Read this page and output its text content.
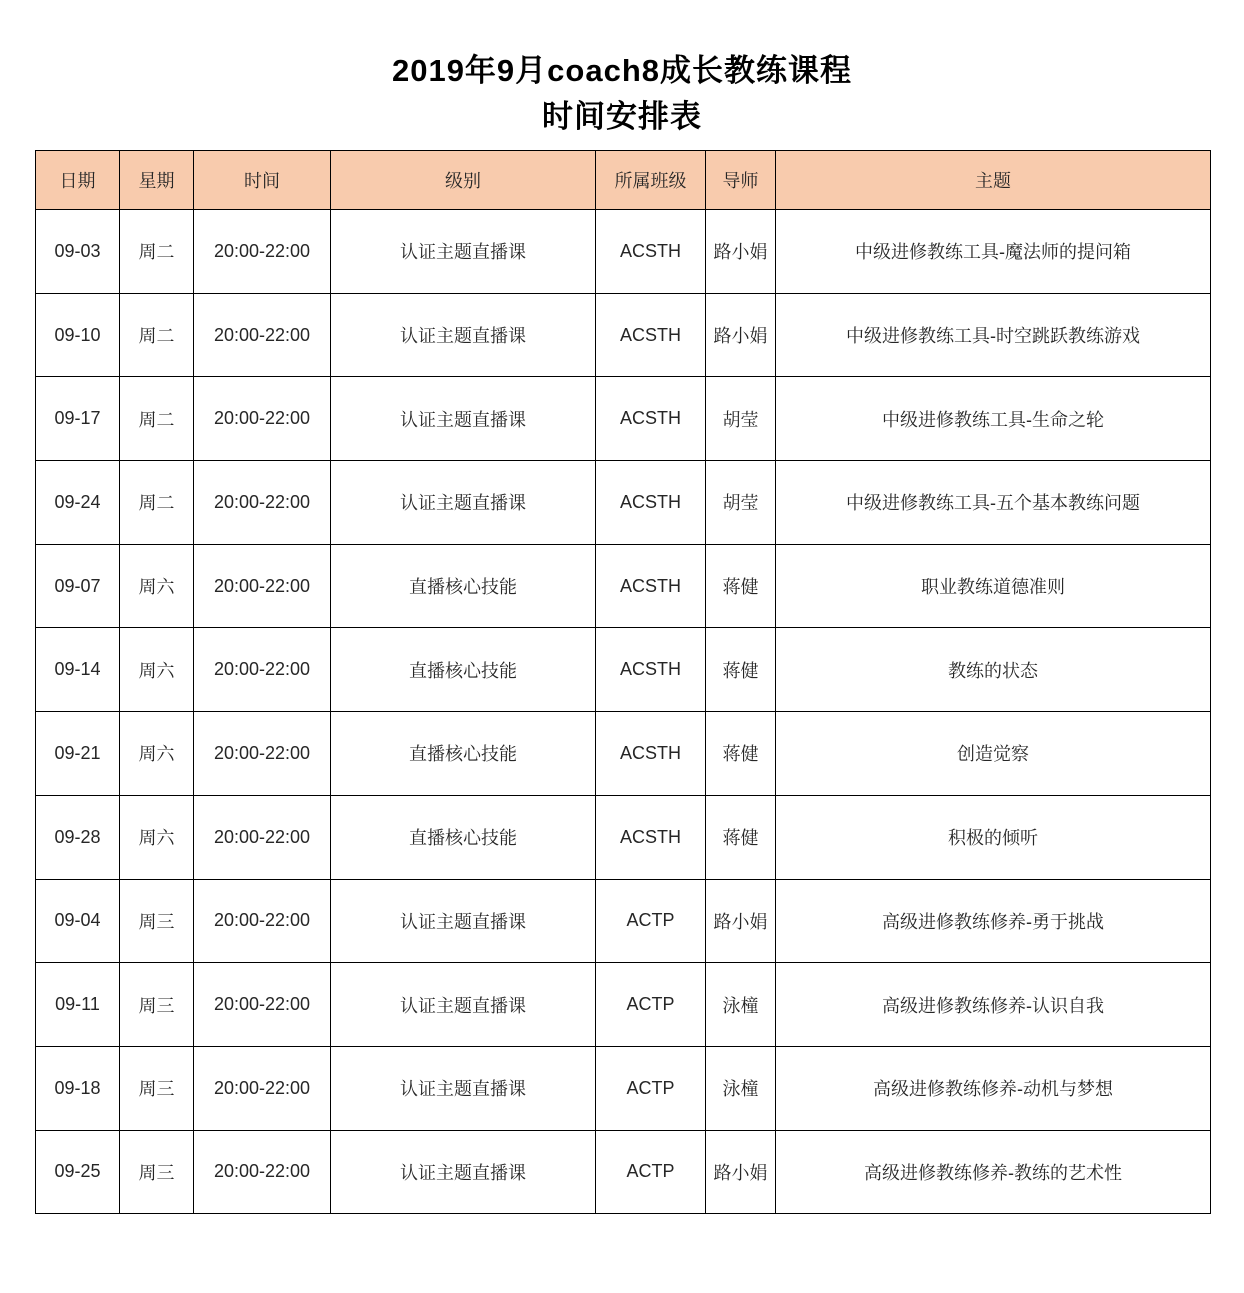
2019年9月coach8成长教练课程
时间安排表
日期	星期	时间	级别	所属班级	导师	主题
09-03	周二	20:00-22:00	认证主题直播课	ACSTH	路小娟	中级进修教练工具-魔法师的提问箱
09-10	周二	20:00-22:00	认证主题直播课	ACSTH	路小娟	中级进修教练工具-时空跳跃教练游戏
09-17	周二	20:00-22:00	认证主题直播课	ACSTH	胡莹	中级进修教练工具-生命之轮
09-24	周二	20:00-22:00	认证主题直播课	ACSTH	胡莹	中级进修教练工具-五个基本教练问题
09-07	周六	20:00-22:00	直播核心技能	ACSTH	蒋健	职业教练道德准则
09-14	周六	20:00-22:00	直播核心技能	ACSTH	蒋健	教练的状态
09-21	周六	20:00-22:00	直播核心技能	ACSTH	蒋健	创造觉察
09-28	周六	20:00-22:00	直播核心技能	ACSTH	蒋健	积极的倾听
09-04	周三	20:00-22:00	认证主题直播课	ACTP	路小娟	高级进修教练修养-勇于挑战
09-11	周三	20:00-22:00	认证主题直播课	ACTP	泳橦	高级进修教练修养-认识自我
09-18	周三	20:00-22:00	认证主题直播课	ACTP	泳橦	高级进修教练修养-动机与梦想
09-25	周三	20:00-22:00	认证主题直播课	ACTP	路小娟	高级进修教练修养-教练的艺术性
